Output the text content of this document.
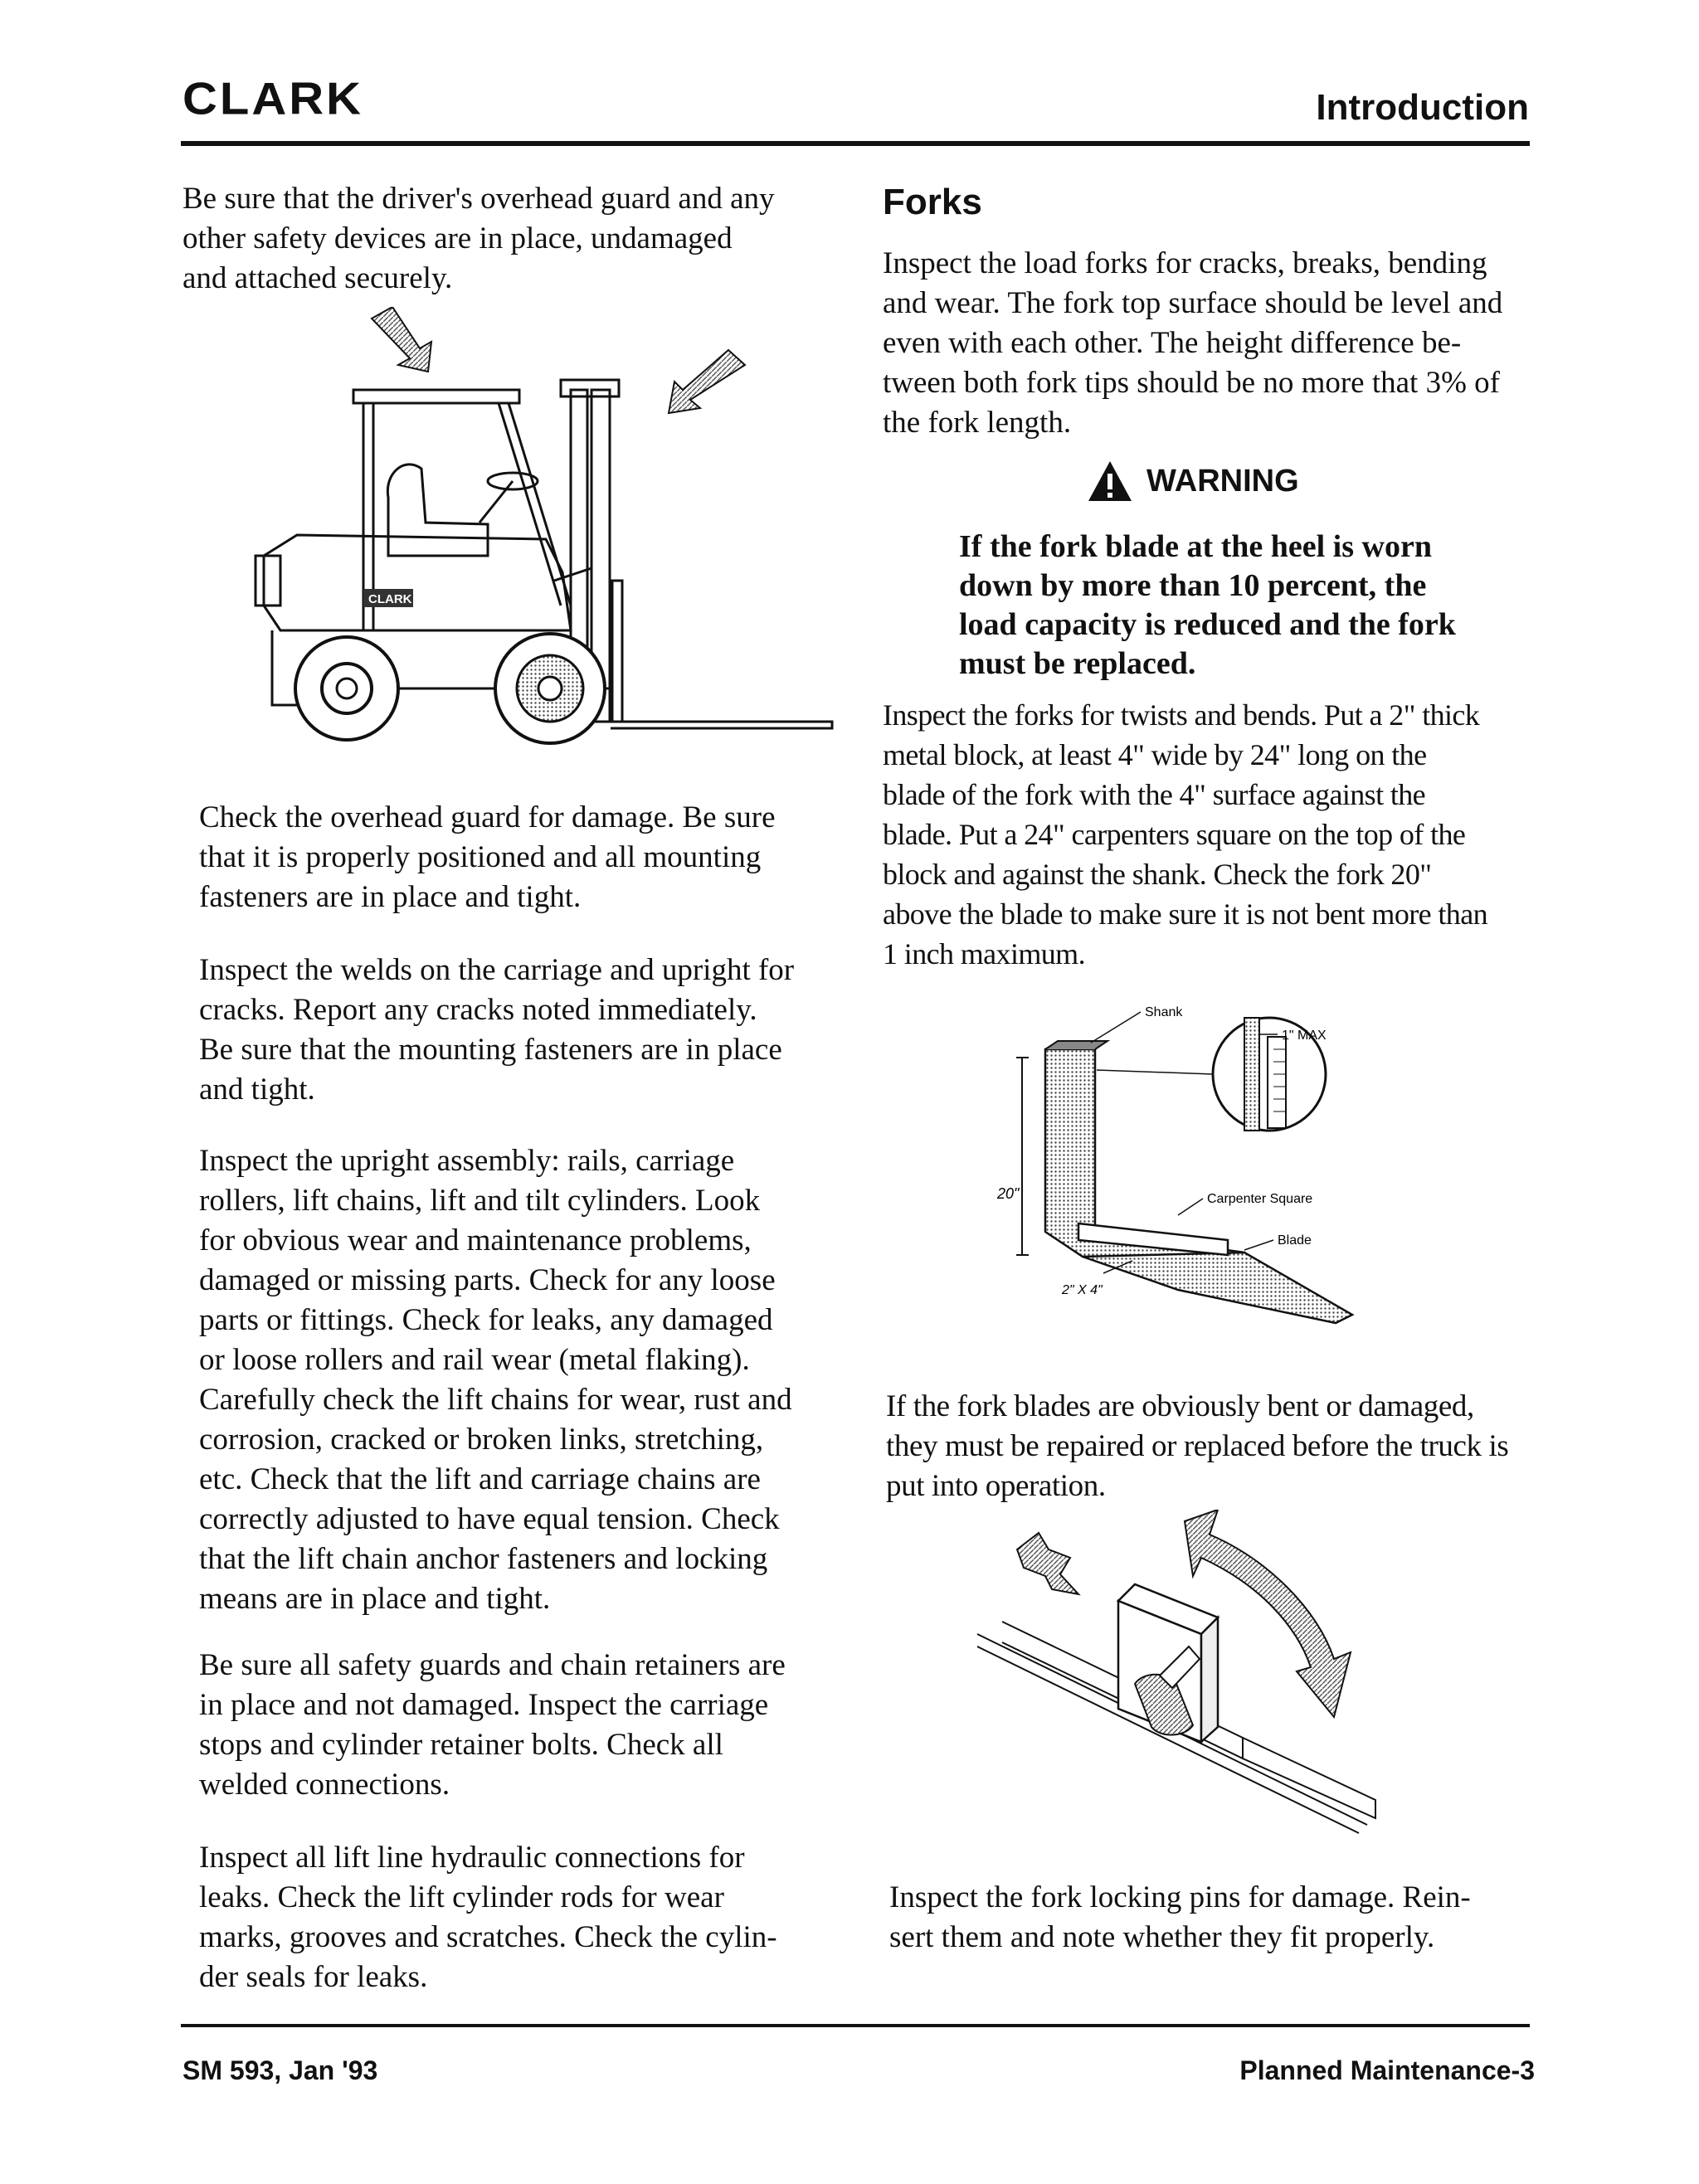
CLARK	Introduction

Be sure that the driver's overhead guard and any
other safety devices are in place, undamaged
and attached securely.

CLARK

Check the overhead guard for damage. Be sure
that it is properly positioned and all mounting
fasteners are in place and tight.

Inspect the welds on the carriage and upright for
cracks. Report any cracks noted immediately.
Be sure that the mounting fasteners are in place
and tight.

Inspect the upright assembly: rails, carriage
rollers, lift chains, lift and tilt cylinders. Look
for obvious wear and maintenance problems,
damaged or missing parts. Check for any loose
parts or fittings. Check for leaks, any damaged
or loose rollers and rail wear (metal flaking).
Carefully check the lift chains for wear, rust and
corrosion, cracked or broken links, stretching,
etc. Check that the lift and carriage chains are
correctly adjusted to have equal tension. Check
that the lift chain anchor fasteners and locking
means are in place and tight.

Be sure all safety guards and chain retainers are
in place and not damaged. Inspect the carriage
stops and cylinder retainer bolts. Check all
welded connections.

Inspect all lift line hydraulic connections for
leaks. Check the lift cylinder rods for wear
marks, grooves and scratches. Check the cylin-
der seals for leaks.

Forks

Inspect the load forks for cracks, breaks, bending
and wear. The fork top surface should be level and
even with each other. The height difference be-
tween both fork tips should be no more that 3% of
the fork length.

WARNING
If the fork blade at the heel is worn
down by more than 10 percent, the
load capacity is reduced and the fork
must be replaced.

Inspect the forks for twists and bends. Put a 2" thick
metal block, at least 4" wide by 24" long on the
blade of the fork with the 4" surface against the
blade. Put a 24" carpenters square on the top of the
block and against the shank. Check the fork 20"
above the blade to make sure it is not bent more than
1 inch maximum.

20"
Shank
1" MAX
Carpenter Square
Blade
2" X 4"

If the fork blades are obviously bent or damaged,
they must be repaired or replaced before the truck is
put into operation.

Inspect the fork locking pins for damage. Rein-
sert them and note whether they fit properly.

SM 593, Jan '93	Planned Maintenance-3
